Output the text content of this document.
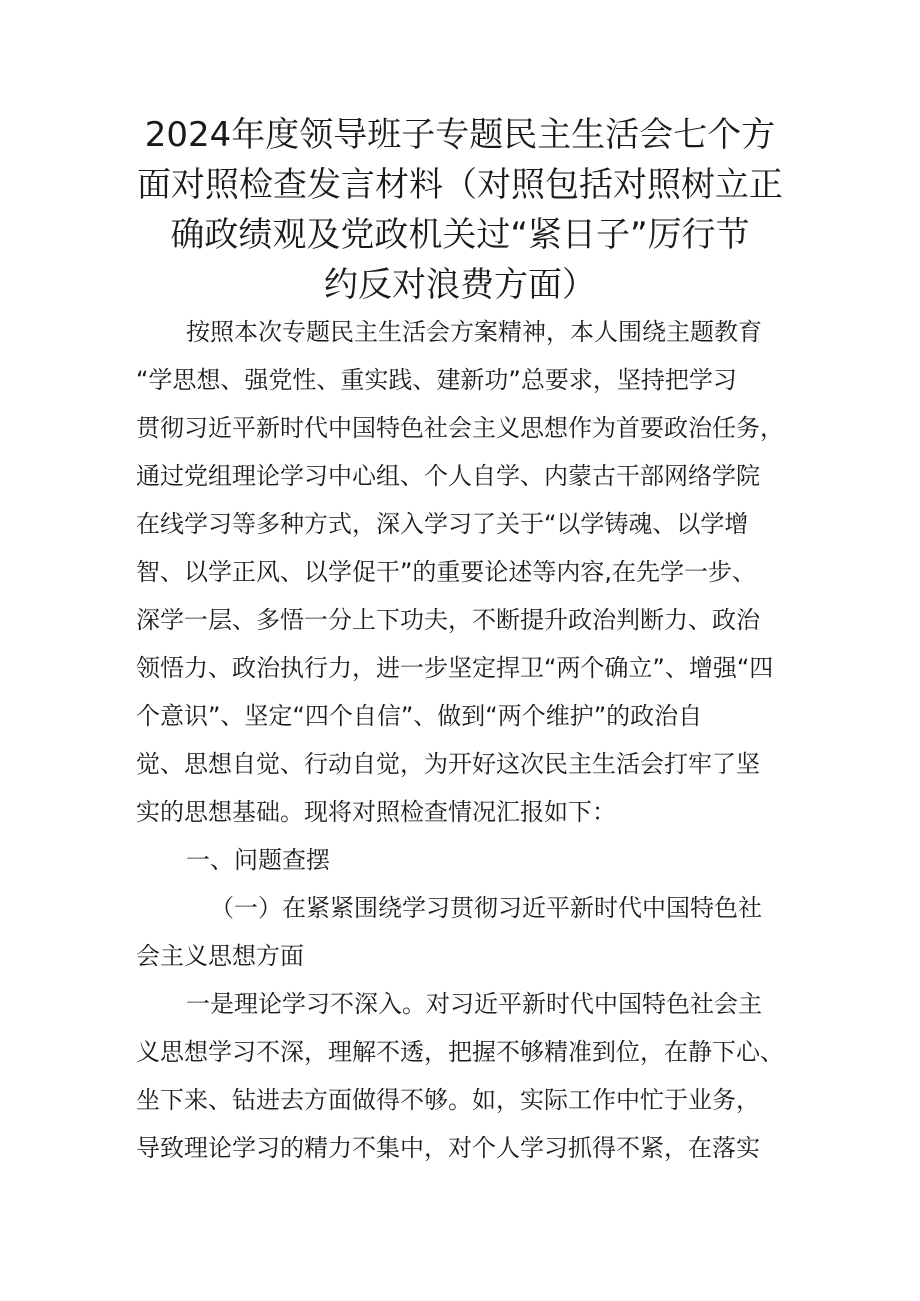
2024年度领导班子专题民主生活会七个方
面对照检查发言材料（对照包括对照树立正
确政绩观及党政机关过“紧日子”厉行节
约反对浪费方面）
按照本次专题民主生活会方案精神，本人围绕主题教育
“学思想、强党性、重实践、建新功”总要求，坚持把学习
贯彻习近平新时代中国特色社会主义思想作为首要政治任务，
通过党组理论学习中心组、个人自学、内蒙古干部网络学院
在线学习等多种方式，深入学习了关于“以学铸魂、以学增
智、以学正风、以学促干”的重要论述等内容,在先学一步、
深学一层、多悟一分上下功夫，不断提升政治判断力、政治
领悟力、政治执行力，进一步坚定捍卫“两个确立”、增强“四
个意识”、坚定“四个自信”、做到“两个维护”的政治自
觉、思想自觉、行动自觉，为开好这次民主生活会打牢了坚
实的思想基础。现将对照检查情况汇报如下：
一、问题查摆
（一）在紧紧围绕学习贯彻习近平新时代中国特色社
会主义思想方面
一是理论学习不深入。对习近平新时代中国特色社会主
义思想学习不深，理解不透，把握不够精准到位，在静下心、
坐下来、钻进去方面做得不够。如，实际工作中忙于业务，
导致理论学习的精力不集中，对个人学习抓得不紧，在落实
